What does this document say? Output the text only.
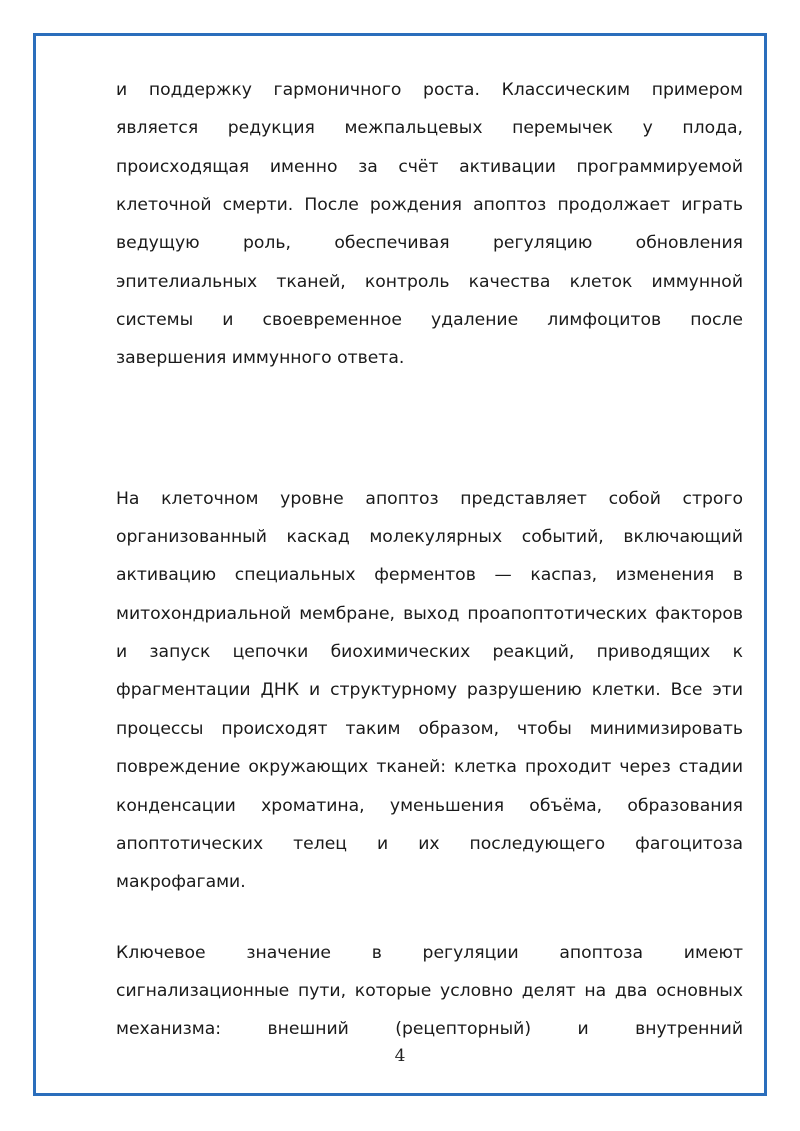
и поддержку гармоничного роста. Классическим примером
является редукция межпальцевых перемычек у плода,
происходящая именно за счёт активации программируемой
клеточной смерти. После рождения апоптоз продолжает играть
ведущую роль, обеспечивая регуляцию обновления
эпителиальных тканей, контроль качества клеток иммунной
системы и своевременное удаление лимфоцитов после
завершения иммунного ответа.
На клеточном уровне апоптоз представляет собой строго
организованный каскад молекулярных событий, включающий
активацию специальных ферментов — каспаз, изменения в
митохондриальной мембране, выход проапоптотических факторов
и запуск цепочки биохимических реакций, приводящих к
фрагментации ДНК и структурному разрушению клетки. Все эти
процессы происходят таким образом, чтобы минимизировать
повреждение окружающих тканей: клетка проходит через стадии
конденсации хроматина, уменьшения объёма, образования
апоптотических телец и их последующего фагоцитоза
макрофагами.
Ключевое значение в регуляции апоптоза имеют
сигнализационные пути, которые условно делят на два основных
механизма: внешний (рецепторный) и внутренний
4
